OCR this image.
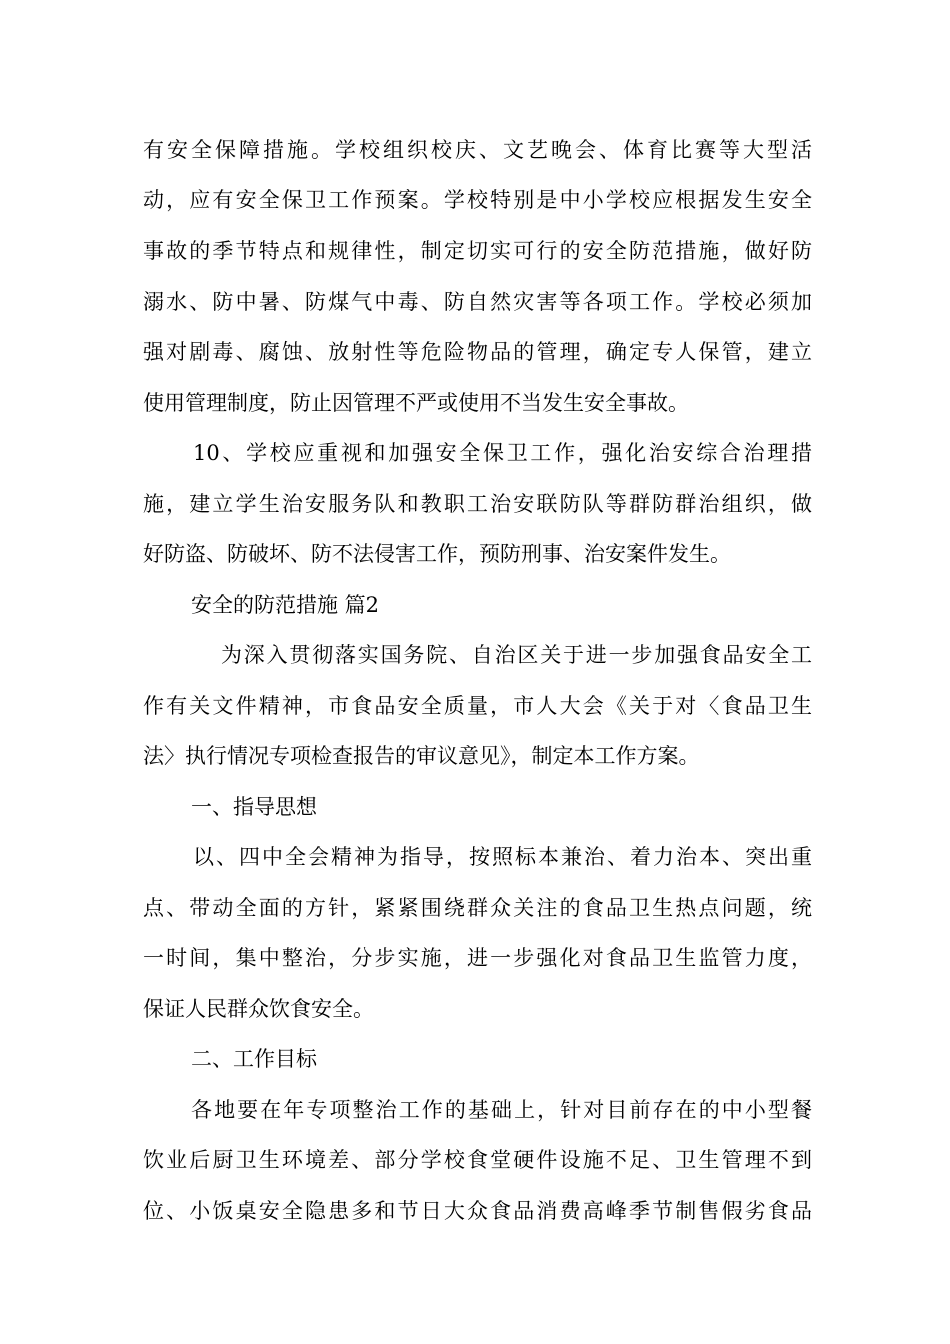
有安全保障措施。学校组织校庆、文艺晚会、体育比赛等大型活
动，应有安全保卫工作预案。学校特别是中小学校应根据发生安全
事故的季节特点和规律性，制定切实可行的安全防范措施，做好防
溺水、防中暑、防煤气中毒、防自然灾害等各项工作。学校必须加
强对剧毒、腐蚀、放射性等危险物品的管理，确定专人保管，建立
使用管理制度，防止因管理不严或使用不当发生安全事故。
10、学校应重视和加强安全保卫工作，强化治安综合治理措
施，建立学生治安服务队和教职工治安联防队等群防群治组织，做
好防盗、防破坏、防不法侵害工作，预防刑事、治安案件发生。
安全的防范措施 篇2
为深入贯彻落实国务院、自治区关于进一步加强食品安全工
作有关文件精神，市食品安全质量，市人大会《关于对〈食品卫生
法〉执行情况专项检查报告的审议意见》，制定本工作方案。
一、指导思想
以、四中全会精神为指导，按照标本兼治、着力治本、突出重
点、带动全面的方针，紧紧围绕群众关注的食品卫生热点问题，统
一时间，集中整治，分步实施，进一步强化对食品卫生监管力度，
保证人民群众饮食安全。
二、工作目标
各地要在年专项整治工作的基础上，针对目前存在的中小型餐
饮业后厨卫生环境差、部分学校食堂硬件设施不足、卫生管理不到
位、小饭桌安全隐患多和节日大众食品消费高峰季节制售假劣食品
